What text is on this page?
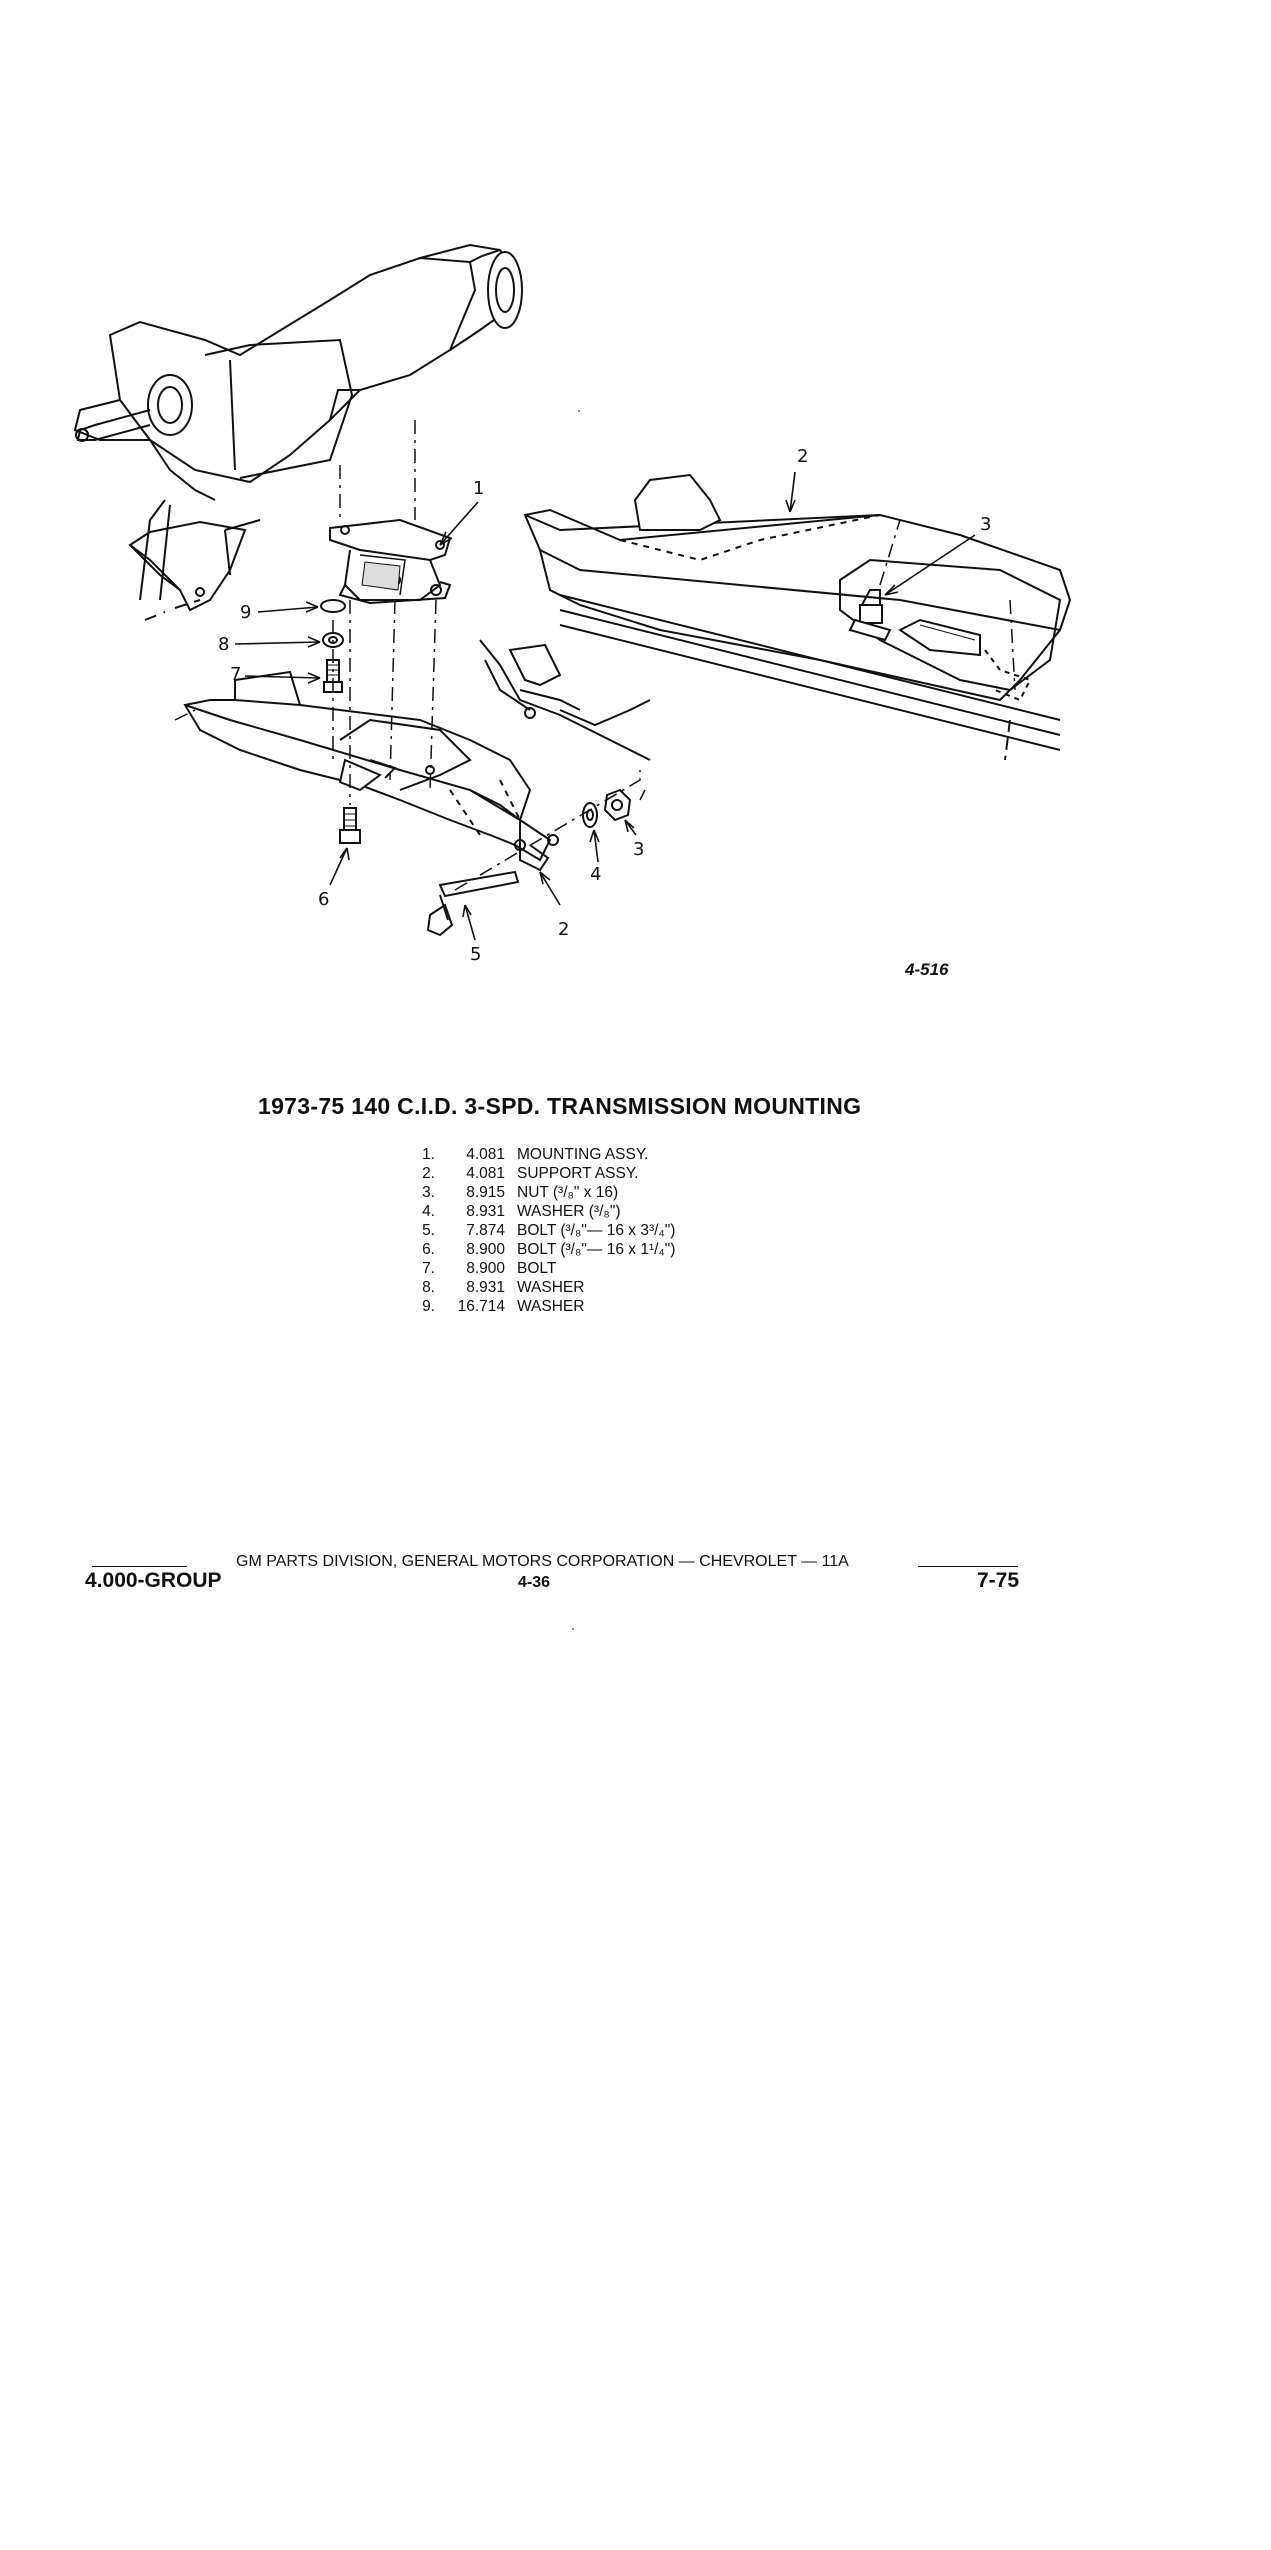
1
2
3
4
5
6
7
8
9
2
3
4-516
1973-75 140 C.I.D. 3-SPD. TRANSMISSION MOUNTING
1.	4.081 MOUNTING ASSY.
2.	4.081 SUPPORT ASSY.
3.	8.915 NUT (³/₈" x 16)
4.	8.931 WASHER (³/₈")
5.	7.874 BOLT (³/₈"— 16 x 3³/₄")
6.	8.900 BOLT (³/₈"— 16 x 1¹/₄")
7.	8.900 BOLT
8.	8.931 WASHER
9.	16.714 WASHER
GM PARTS DIVISION, GENERAL MOTORS CORPORATION — CHEVROLET — 11A
4.000-GROUP	4-36	7-75
